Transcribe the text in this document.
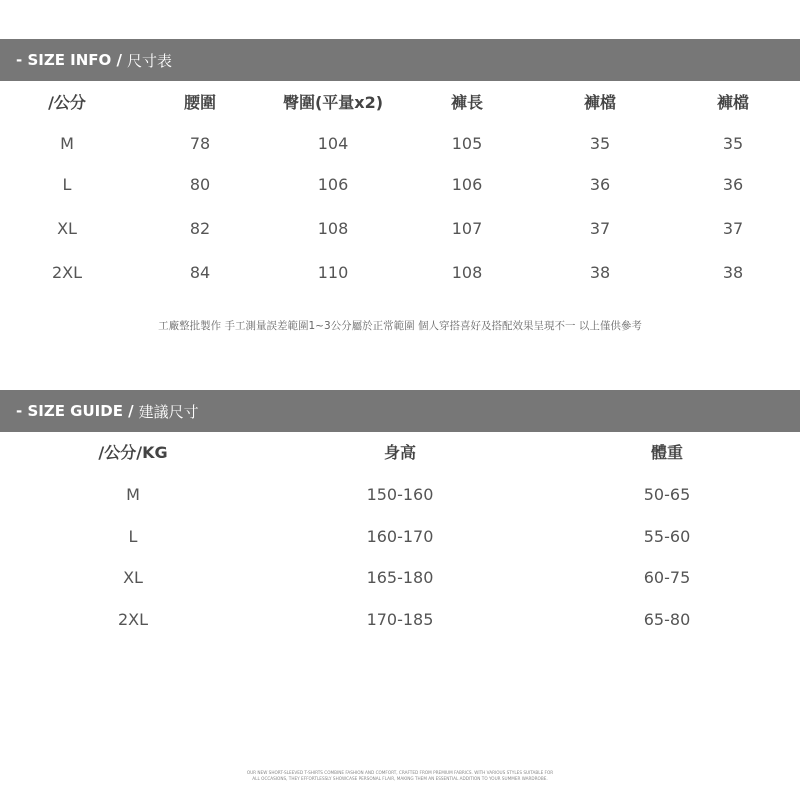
- SIZE INFO / 尺寸表
/公分	腰圍	臀圍(平量x2)	褲長	褲檔	褲檔
M	78	104	105	35	35
L	80	106	106	36	36
XL	82	108	107	37	37
2XL	84	110	108	38	38
工廠整批製作 手工測量誤差範圍1~3公分屬於正常範圍 個人穿搭喜好及搭配效果呈現不一 以上僅供參考
- SIZE GUIDE / 建議尺寸
/公分/KG	身高	體重
M	150-160	50-65
L	160-170	55-60
XL	165-180	60-75
2XL	170-185	65-80
OUR NEW SHORT-SLEEVED T-SHIRTS COMBINE FASHION AND COMFORT, CRAFTED FROM PREMIUM FABRICS. WITH VARIOUS STYLES SUITABLE FOR
ALL OCCASIONS, THEY EFFORTLESSLY SHOWCASE PERSONAL FLAIR, MAKING THEM AN ESSENTIAL ADDITION TO YOUR SUMMER WARDROBE.
